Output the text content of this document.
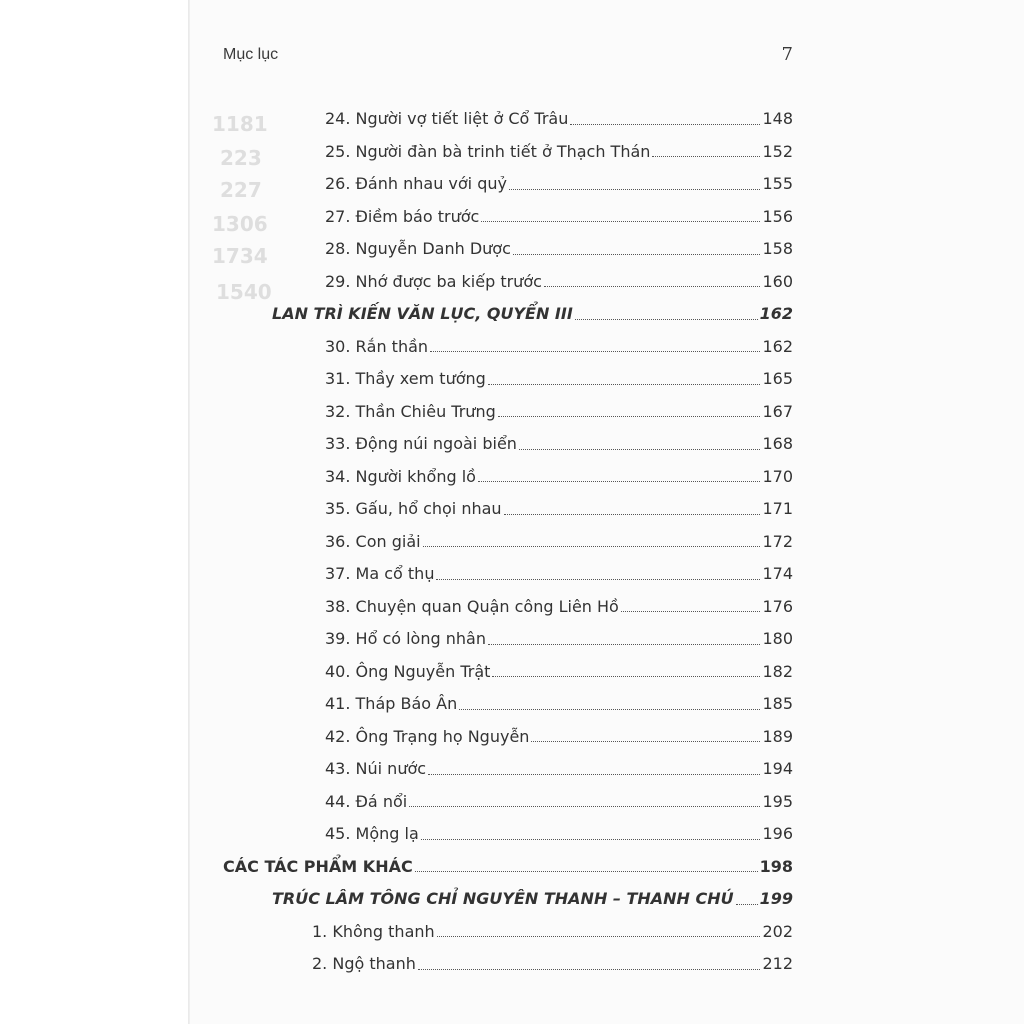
1181
223
227
1306
1734
1540
Mục lục	7
24. Người vợ tiết liệt ở Cổ Trâu	148
25. Người đàn bà trinh tiết ở Thạch Thán	152
26. Đánh nhau với quỷ	155
27. Điềm báo trước	156
28. Nguyễn Danh Dược	158
29. Nhớ được ba kiếp trước	160
LAN TRÌ KIẾN VĂN LỤC, QUYỂN III	162
30. Rắn thần	162
31. Thầy xem tướng	165
32. Thần Chiêu Trưng	167
33. Động núi ngoài biển	168
34. Người khổng lồ	170
35. Gấu, hổ chọi nhau	171
36. Con giải	172
37. Ma cổ thụ	174
38. Chuyện quan Quận công Liên Hồ	176
39. Hổ có lòng nhân	180
40. Ông Nguyễn Trật	182
41. Tháp Báo Ân	185
42. Ông Trạng họ Nguyễn	189
43. Núi nước	194
44. Đá nổi	195
45. Mộng lạ	196
CÁC TÁC PHẨM KHÁC	198
TRÚC LÂM TÔNG CHỈ NGUYÊN THANH – THANH CHÚ 199
1. Không thanh	202
2. Ngộ thanh	212
